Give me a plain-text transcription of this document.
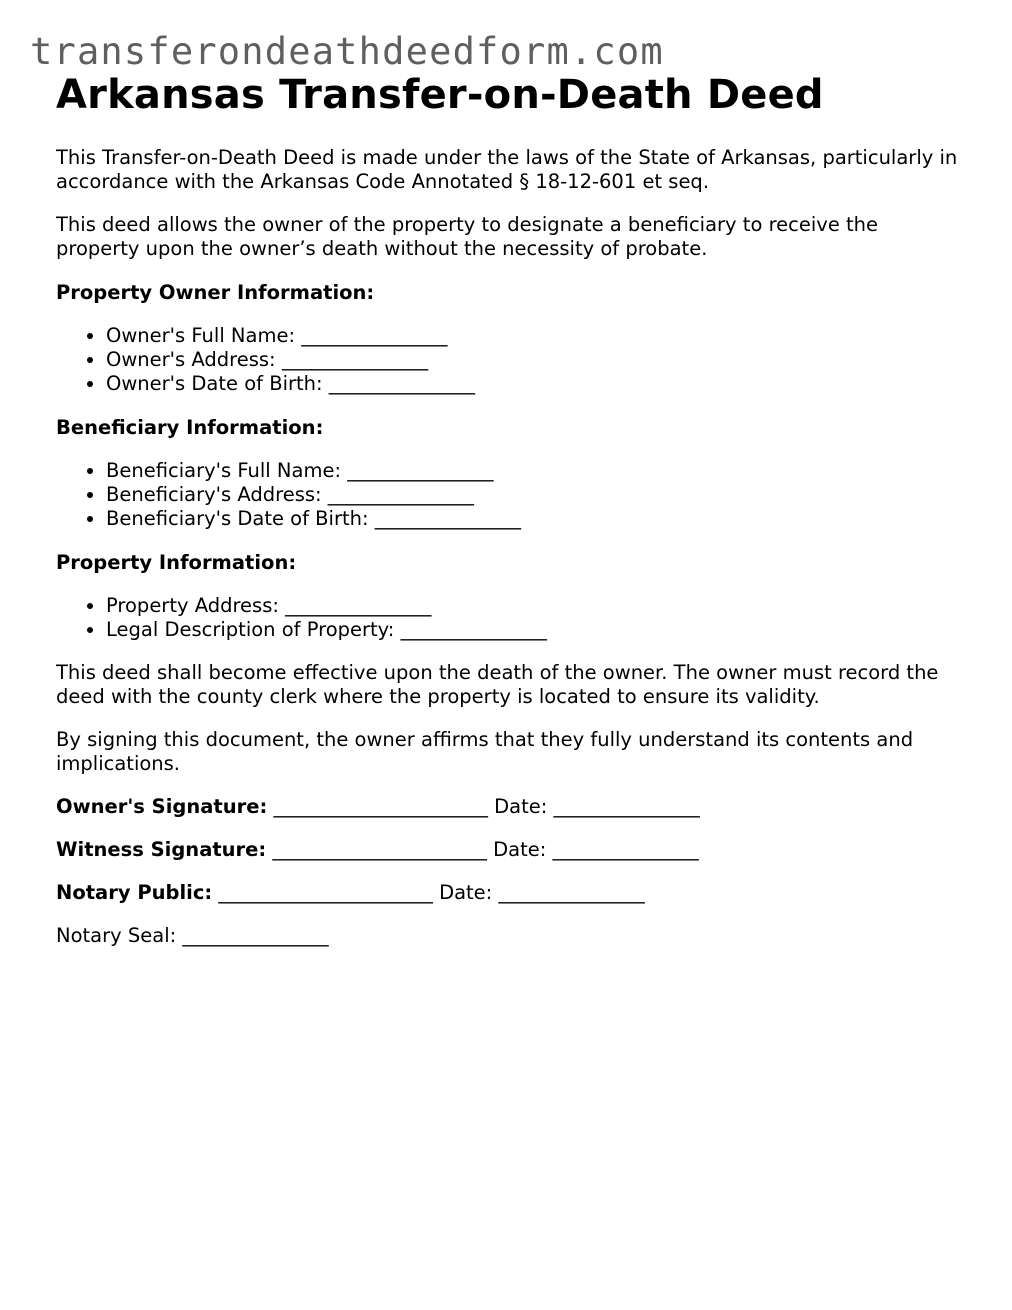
transferondeathdeedform.com
Arkansas Transfer-on-Death Deed

This Transfer-on-Death Deed is made under the laws of the State of Arkansas, particularly in accordance with the Arkansas Code Annotated § 18-12-601 et seq.

This deed allows the owner of the property to designate a beneficiary to receive the property upon the owner’s death without the necessity of probate.

Property Owner Information:

• Owner's Full Name: _______________
• Owner's Address: _______________
• Owner's Date of Birth: _______________

Beneficiary Information:

• Beneficiary's Full Name: _______________
• Beneficiary's Address: _______________
• Beneficiary's Date of Birth: _______________

Property Information:

• Property Address: _______________
• Legal Description of Property: _______________

This deed shall become effective upon the death of the owner. The owner must record the deed with the county clerk where the property is located to ensure its validity.

By signing this document, the owner affirms that they fully understand its contents and implications.

Owner's Signature: ______________________ Date: _______________

Witness Signature: ______________________ Date: _______________

Notary Public: ______________________ Date: _______________

Notary Seal: _______________
